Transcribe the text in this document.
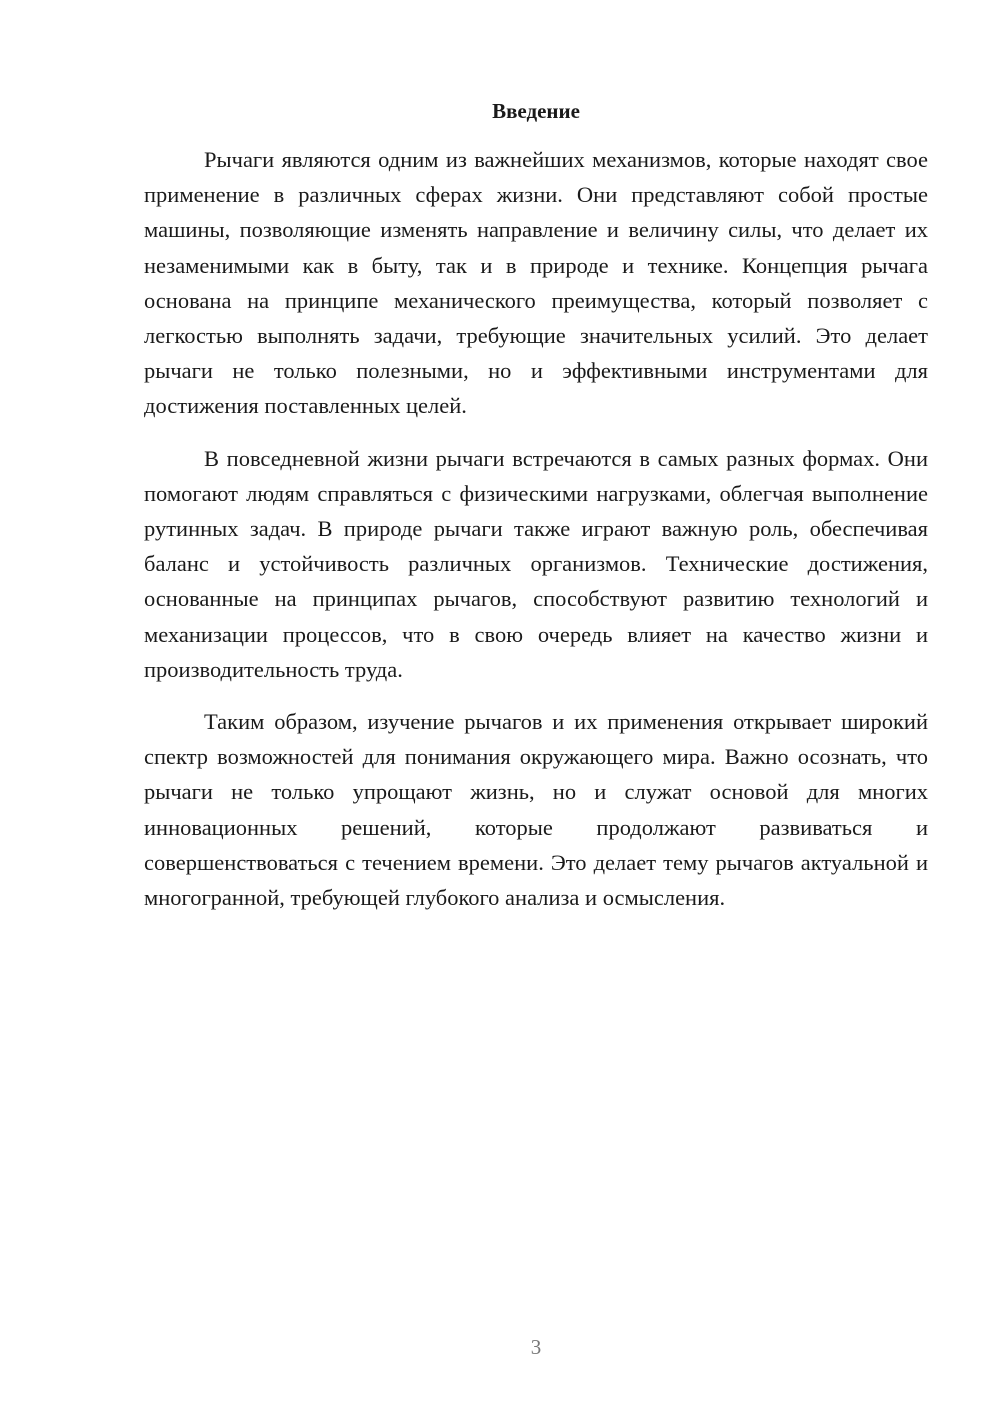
Введение

Рычаги являются одним из важнейших механизмов, которые находят свое применение в различных сферах жизни. Они представляют собой простые машины, позволяющие изменять направление и величину силы, что делает их незаменимыми как в быту, так и в природе и технике. Концепция рычага основана на принципе механического преимущества, который позволяет с легкостью выполнять задачи, требующие значительных усилий. Это делает рычаги не только полезными, но и эффективными инструментами для достижения поставленных целей.

В повседневной жизни рычаги встречаются в самых разных формах. Они помогают людям справляться с физическими нагрузками, облегчая выполнение рутинных задач. В природе рычаги также играют важную роль, обеспечивая баланс и устойчивость различных организмов. Технические достижения, основанные на принципах рычагов, способствуют развитию технологий и механизации процессов, что в свою очередь влияет на качество жизни и производительность труда.

Таким образом, изучение рычагов и их применения открывает широкий спектр возможностей для понимания окружающего мира. Важно осознать, что рычаги не только упрощают жизнь, но и служат основой для многих инновационных решений, которые продолжают развиваться и совершенствоваться с течением времени. Это делает тему рычагов актуальной и многогранной, требующей глубокого анализа и осмысления.

3
